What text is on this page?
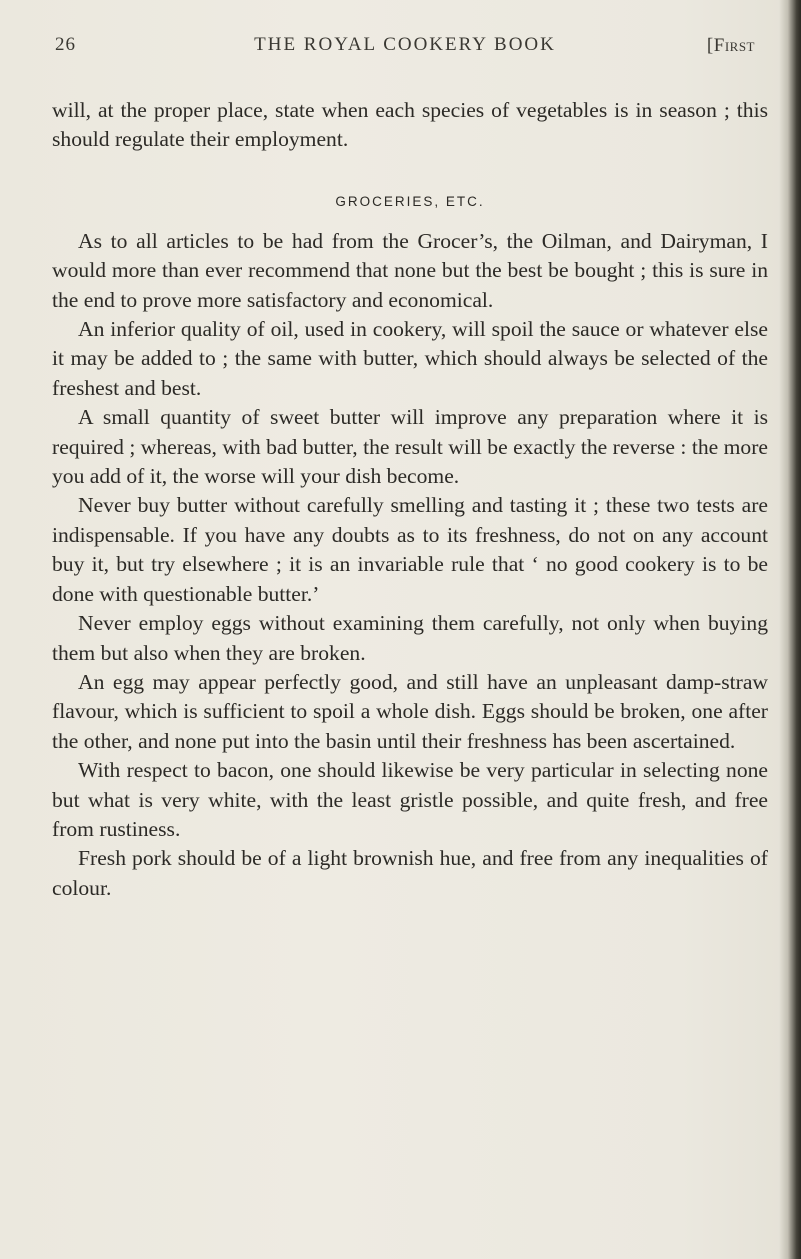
26	THE ROYAL COOKERY BOOK	[First

will, at the proper place, state when each species of vegetables is in season ; this should regulate their employment.

GROCERIES, ETC.

As to all articles to be had from the Grocer’s, the Oilman, and Dairyman, I would more than ever recommend that none but the best be bought ; this is sure in the end to prove more satisfactory and economical.

An inferior quality of oil, used in cookery, will spoil the sauce or whatever else it may be added to ; the same with butter, which should always be selected of the freshest and best.

A small quantity of sweet butter will improve any preparation where it is required ; whereas, with bad butter, the result will be exactly the reverse : the more you add of it, the worse will your dish become.

Never buy butter without carefully smelling and tasting it ; these two tests are indispensable. If you have any doubts as to its freshness, do not on any account buy it, but try elsewhere ; it is an invariable rule that ‘ no good cookery is to be done with questionable butter.’

Never employ eggs without examining them carefully, not only when buying them but also when they are broken.

An egg may appear perfectly good, and still have an unpleasant damp-straw flavour, which is sufficient to spoil a whole dish. Eggs should be broken, one after the other, and none put into the basin until their freshness has been ascertained.

With respect to bacon, one should likewise be very particular in selecting none but what is very white, with the least gristle possible, and quite fresh, and free from rustiness.

Fresh pork should be of a light brownish hue, and free from any inequalities of colour.
